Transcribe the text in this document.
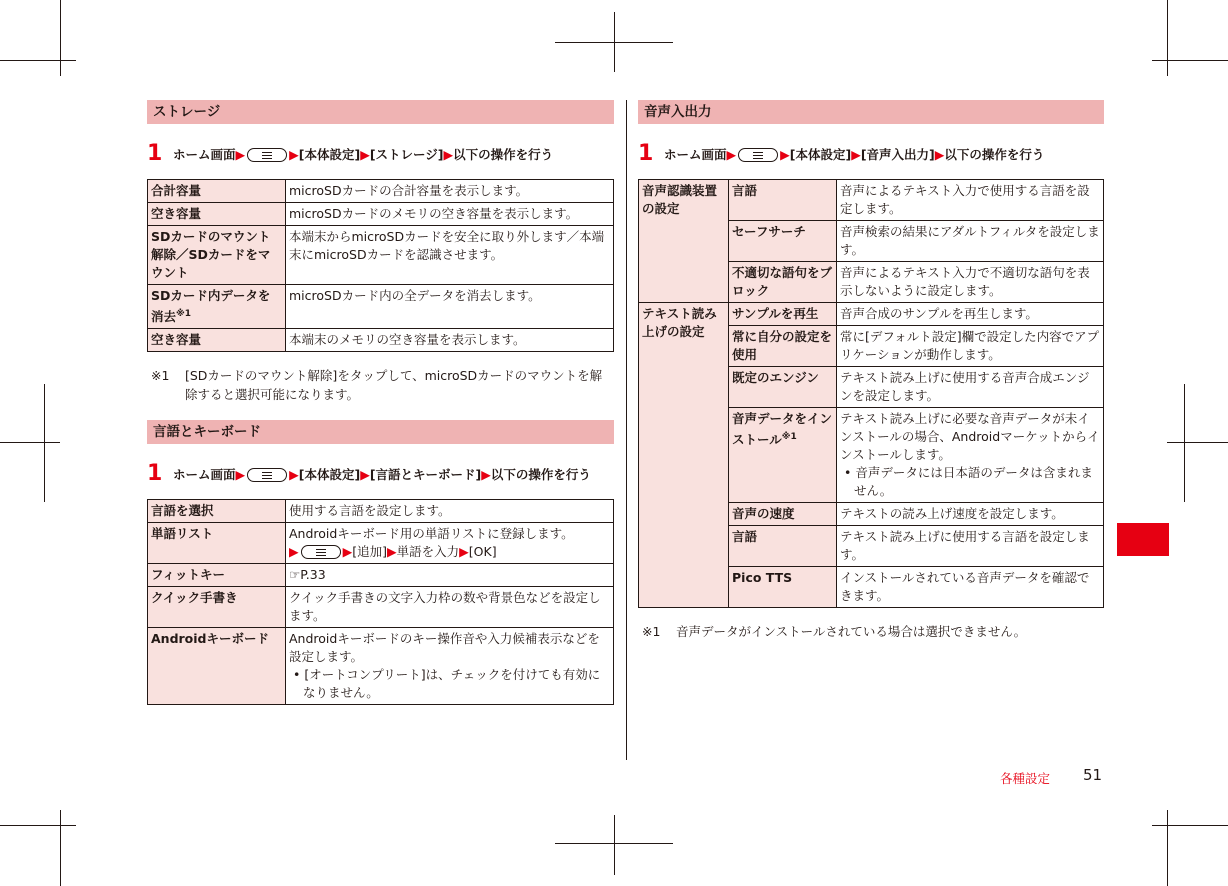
ストレージ
1 ホーム画面▶	▶[本体設定]▶[ストレージ]▶以下の操作を行う
合計容量	microSDカードの合計容量を表示します。
空き容量	microSDカードのメモリの空き容量を表示します。
SDカードのマウント解除／SDカードをマウント	本端末からmicroSDカードを安全に取り外します／本端末にmicroSDカードを認識させます。
SDカード内データを消去$^{※1}$	microSDカード内の全データを消去します。
空き容量	本端末のメモリの空き容量を表示します。
※1	[SDカードのマウント解除]をタップして、microSDカードのマウントを解除すると選択可能になります。
言語とキーボード
1 ホーム画面▶	▶[本体設定]▶[言語とキーボード]▶以下の操作を行う
言語を選択	使用する言語を設定します。
単語リスト	Androidキーボード用の単語リストに登録します。
▶ ▶[追加]▶単語を入力▶[OK]
フィットキー	☞P.33
クイック手書き	クイック手書きの文字入力枠の数や背景色などを設定します。
Androidキーボード	Androidキーボードのキー操作音や入力候補表示などを設定します。
• [オートコンプリート]は、チェックを付けても有効になりません。
音声入出力
1 ホーム画面▶	▶[本体設定]▶[音声入出力]▶以下の操作を行う
音声認識装置の設定	言語	音声によるテキスト入力で使用する言語を設定します。
	セーフサーチ	音声検索の結果にアダルトフィルタを設定します。
	不適切な語句をブロック	音声によるテキスト入力で不適切な語句を表示しないように設定します。
テキスト読み上げの設定	サンプルを再生	音声合成のサンプルを再生します。
	常に自分の設定を使用	常に[デフォルト設定]欄で設定した内容でアプリケーションが動作します。
	既定のエンジン	テキスト読み上げに使用する音声合成エンジンを設定します。
	音声データをインストール$^{※1}$	テキスト読み上げに必要な音声データが未インストールの場合、Androidマーケットからインストールします。
• 音声データには日本語のデータは含まれません。

	音声の速度	テキストの読み上げ速度を設定します。
	言語	テキスト読み上げに使用する言語を設定します。
	Pico TTS	インストールされている音声データを確認できます。
※1	音声データがインストールされている場合は選択できません。
各種設定 51
